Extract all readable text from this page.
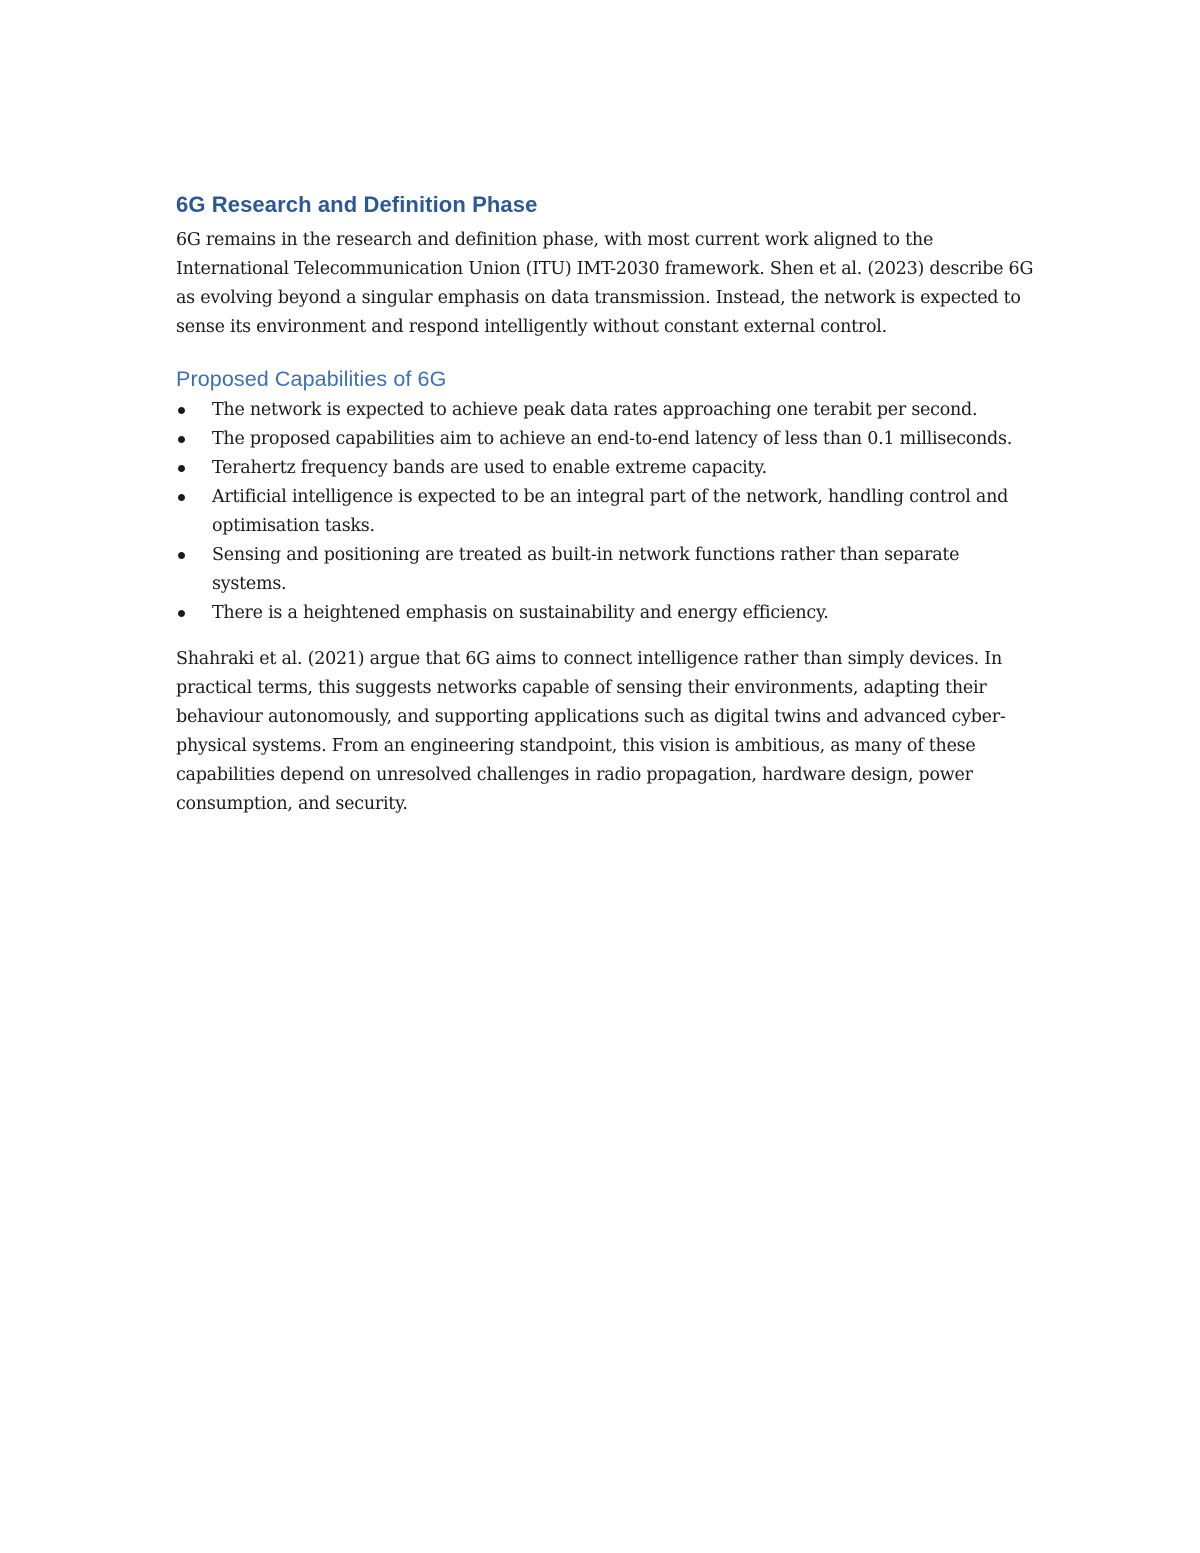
6G Research and Definition Phase

6G remains in the research and definition phase, with most current work aligned to the International Telecommunication Union (ITU) IMT-2030 framework. Shen et al. (2023) describe 6G as evolving beyond a singular emphasis on data transmission. Instead, the network is expected to sense its environment and respond intelligently without constant external control.

Proposed Capabilities of 6G
The network is expected to achieve peak data rates approaching one terabit per second.
The proposed capabilities aim to achieve an end-to-end latency of less than 0.1 milliseconds.
Terahertz frequency bands are used to enable extreme capacity.
Artificial intelligence is expected to be an integral part of the network, handling control and optimisation tasks.
Sensing and positioning are treated as built-in network functions rather than separate systems.
There is a heightened emphasis on sustainability and energy efficiency.

Shahraki et al. (2021) argue that 6G aims to connect intelligence rather than simply devices. In practical terms, this suggests networks capable of sensing their environments, adapting their behaviour autonomously, and supporting applications such as digital twins and advanced cyber-physical systems. From an engineering standpoint, this vision is ambitious, as many of these capabilities depend on unresolved challenges in radio propagation, hardware design, power consumption, and security.
